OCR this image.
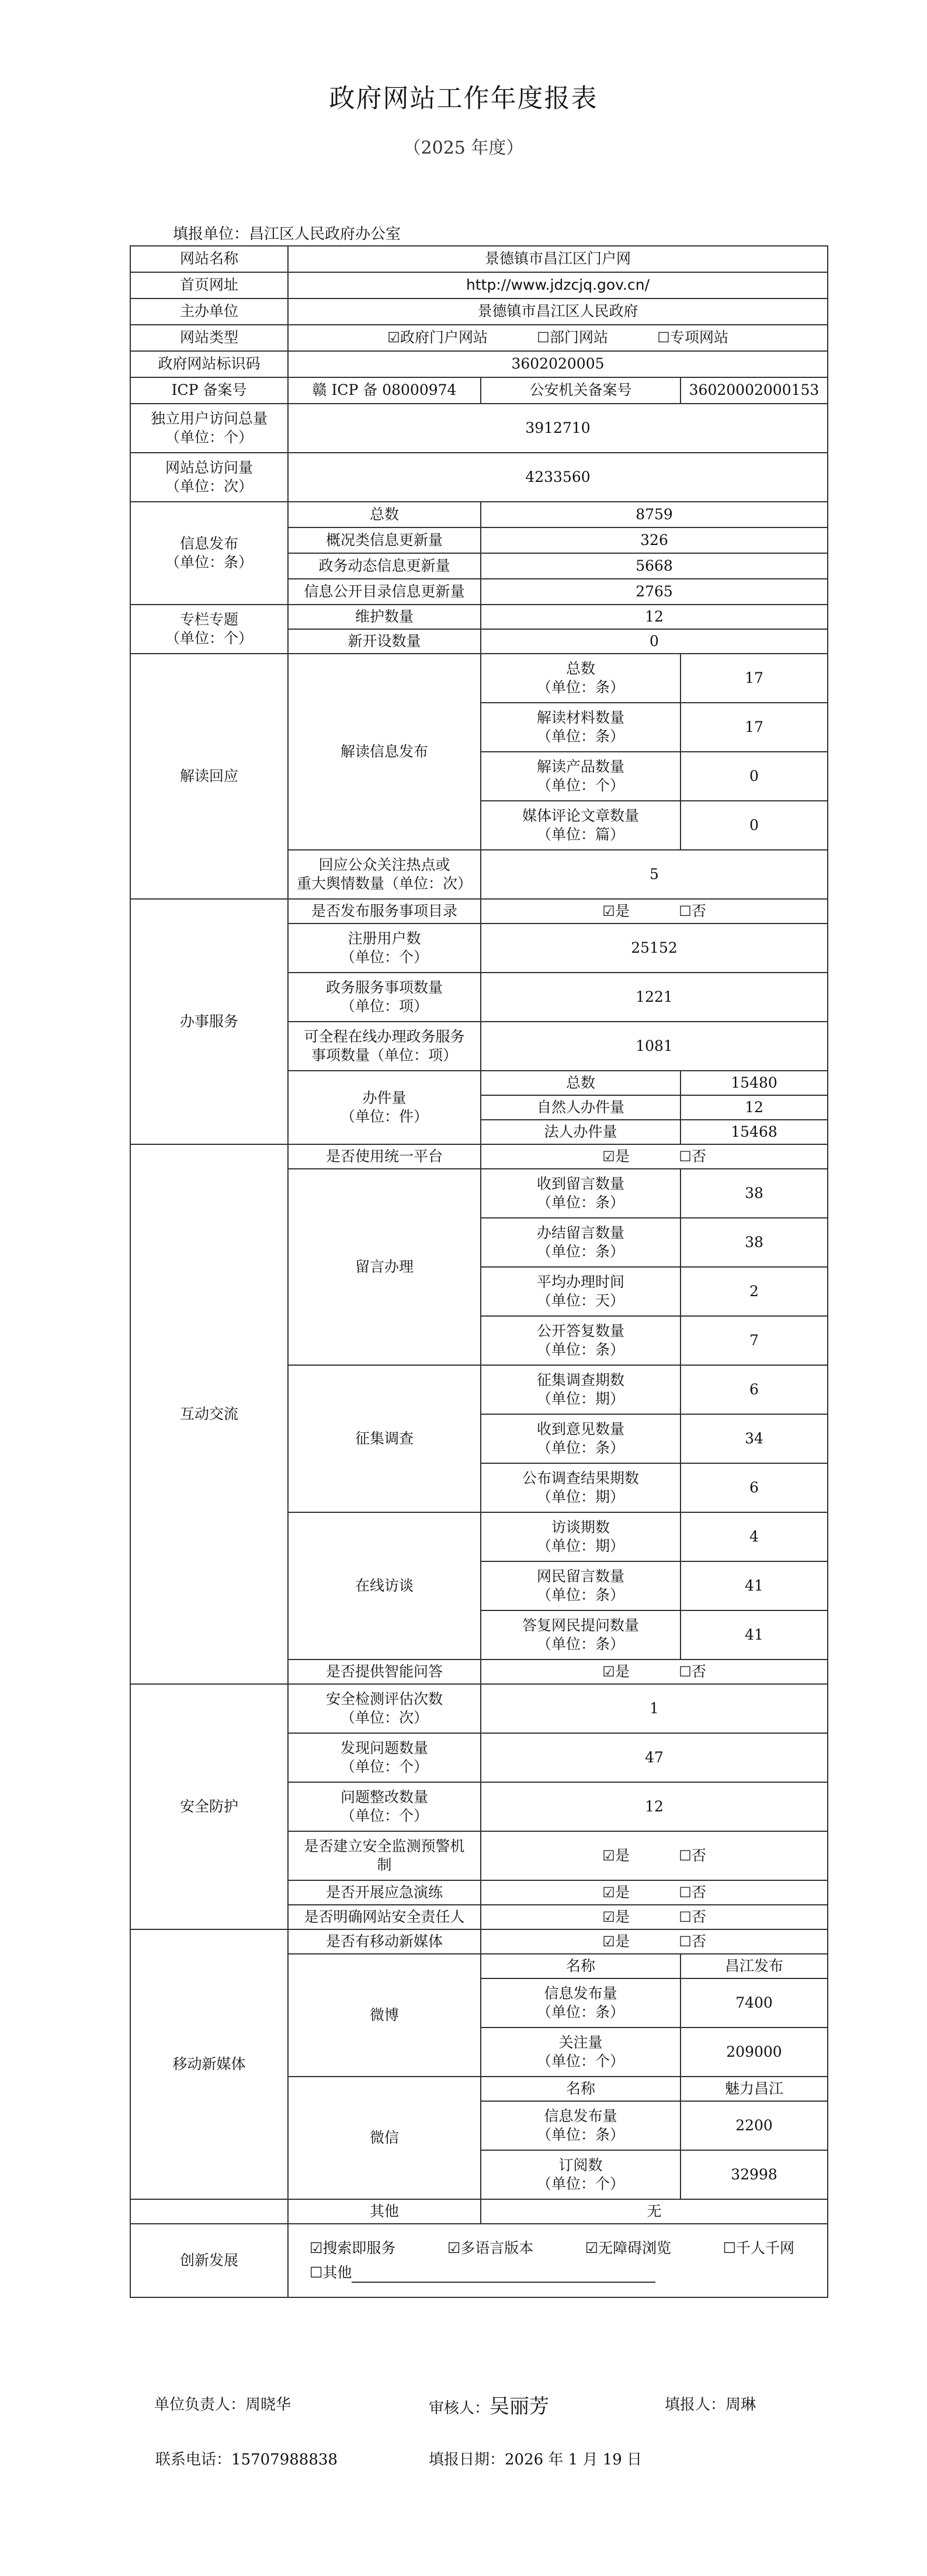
政府网站工作年度报表
（2025 年度）
填报单位：昌江区人民政府办公室
网站名称	景德镇市昌江区门户网		
首页网址	http://www.jdzcjq.gov.cn/		
主办单位	景德镇市昌江区人民政府		
网站类型	☑政府门户网站 ☐部门网站 ☐专项网站		
政府网站标识码	3602020005		
ICP 备案号	赣 ICP 备 08000974	公安机关备案号	36020002000153
独立用户访问总量
（单位：个）	3912710		
网站总访问量
（单位：次）	4233560		
信息发布
（单位：条）	总数	8759	
	概况类信息更新量	326	
	政务动态信息更新量	5668	
	信息公开目录信息更新量	2765	
专栏专题
（单位：个）	维护数量	12	
	新开设数量	0	
解读回应	解读信息发布	总数
（单位：条）	17
		解读材料数量
（单位：条）	17
		解读产品数量
（单位：个）	0
		媒体评论文章数量
（单位：篇）	0
	回应公众关注热点或
重大舆情数量（单位：次）	5	
办事服务	是否发布服务事项目录	☑是 ☐否	
	注册用户数
（单位：个）	25152	
	政务服务事项数量
（单位：项）	1221	
	可全程在线办理政务服务
事项数量（单位：项）	1081	
	办件量
（单位：件）	总数	15480
		自然人办件量	12
		法人办件量	15468
互动交流	是否使用统一平台	☑是 ☐否	
	留言办理	收到留言数量
（单位：条）	38
		办结留言数量
（单位：条）	38
		平均办理时间
（单位：天）	2
		公开答复数量
（单位：条）	7
	征集调查	征集调查期数
（单位：期）	6
		收到意见数量
（单位：条）	34
		公布调查结果期数
（单位：期）	6
	在线访谈	访谈期数
（单位：期）	4
		网民留言数量
（单位：条）	41
		答复网民提问数量
（单位：条）	41
	是否提供智能问答	☑是 ☐否	
安全防护	安全检测评估次数
（单位：次）	1	
	发现问题数量
（单位：个）	47	
	问题整改数量
（单位：个）	12	
	是否建立安全监测预警机
制	☑是 ☐否	
	是否开展应急演练	☑是 ☐否	
	是否明确网站安全责任人	☑是 ☐否	
移动新媒体	是否有移动新媒体	☑是 ☐否	
	微博	名称	昌江发布
		信息发布量
（单位：条）	7400
		关注量
（单位：个）	209000
	微信	名称	魅力昌江
		信息发布量
（单位：条）	2200
		订阅数
（单位：个）	32998
	其他	无	
创新发展	☑搜索即服务 ☑多语言版本 ☑无障碍浏览 ☐千人千网
☐其他		
单位负责人：周晓华	审核人：吴丽芳	填报人：周琳
联系电话：15707988838	填报日期：2026 年 1 月 19 日
